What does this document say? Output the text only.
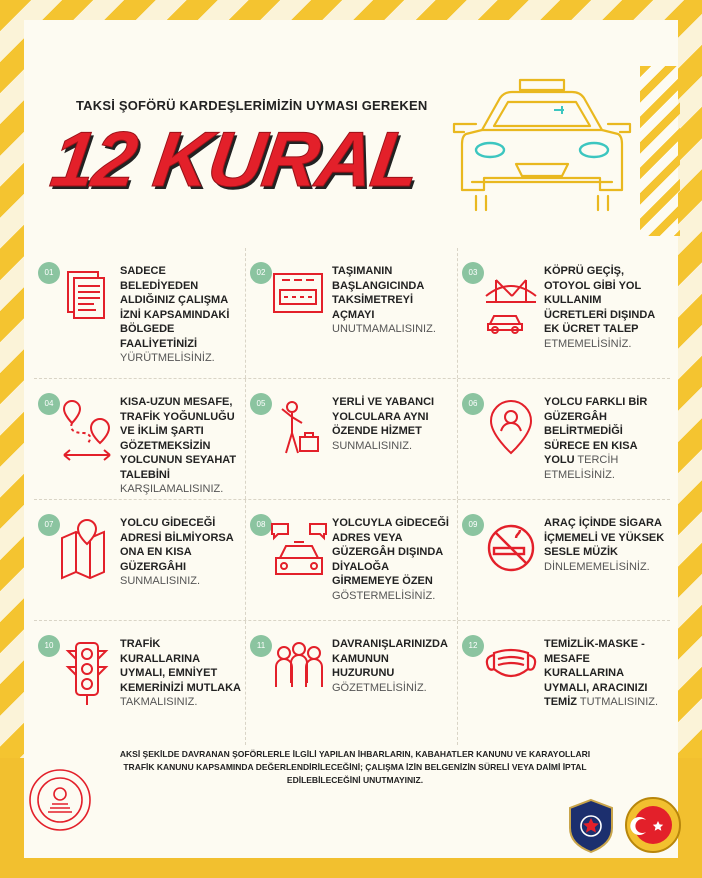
TAKSİ ŞOFÖRÜ KARDEŞLERİMİZİN UYMASI GEREKEN
12 KURAL
01	SADECE BELEDİYEDEN ALDIĞINIZ ÇALIŞMA İZNİ KAPSAMINDAKİ BÖLGEDE FAALİYETİNİZİ YÜRÜTMELİSİNİZ.
02	TAŞIMANIN BAŞLANGICINDA TAKSİMETREYİ AÇMAYI UNUTMAMALISINIZ.
03	KÖPRÜ GEÇİŞ, OTOYOL GİBİ YOL KULLANIM ÜCRETLERİ DIŞINDA EK ÜCRET TALEP ETMEMELİSİNİZ.
04	KISA-UZUN MESAFE, TRAFİK YOĞUNLUĞU VE İKLİM ŞARTI GÖZETMEKSİZİN YOLCUNUN SEYAHAT TALEBİNİ KARŞILAMALISINIZ.
05	YERLİ VE YABANCI YOLCULARA AYNI ÖZENDE HİZMET SUNMALISINIZ.
06	YOLCU FARKLI BİR GÜZERGÂH BELİRTMEDİĞİ SÜRECE EN KISA YOLU TERCİH ETMELİSİNİZ.
07	YOLCU GİDECEĞİ ADRESİ BİLMİYORSA ONA EN KISA GÜZERGÂHI SUNMALISINIZ.
08	YOLCUYLA GİDECEĞİ ADRES VEYA GÜZERGÂH DIŞINDA DİYALOĞA GİRMEMEYE ÖZEN GÖSTERMELİSİNİZ.
09	ARAÇ İÇİNDE SİGARA İÇMEMELİ VE YÜKSEK SESLE MÜZİK DİNLEMEMELİSİNİZ.
10	TRAFİK KURALLARINA UYMALI, EMNİYET KEMERİNİZİ MUTLAKA TAKMALISINIZ.
11	DAVRANIŞLARINIZDA KAMUNUN HUZURUNU GÖZETMELİSİNİZ.
12	TEMİZLİK-MASKE -MESAFE KURALLARINA UYMALI, ARACINIZI TEMİZ TUTMALISINIZ.
AKSİ ŞEKİLDE DAVRANAN ŞOFÖRLERLE İLGİLİ YAPILAN İHBARLARIN, KABAHATLER KANUNU VE KARAYOLLARI TRAFİK KANUNU KAPSAMINDA DEĞERLENDİRİLECEĞİNİ; ÇALIŞMA İZİN BELGENİZİN SÜRELİ VEYA DAİMİ İPTAL EDİLEBİLECEĞİNİ UNUTMAYINIZ.
